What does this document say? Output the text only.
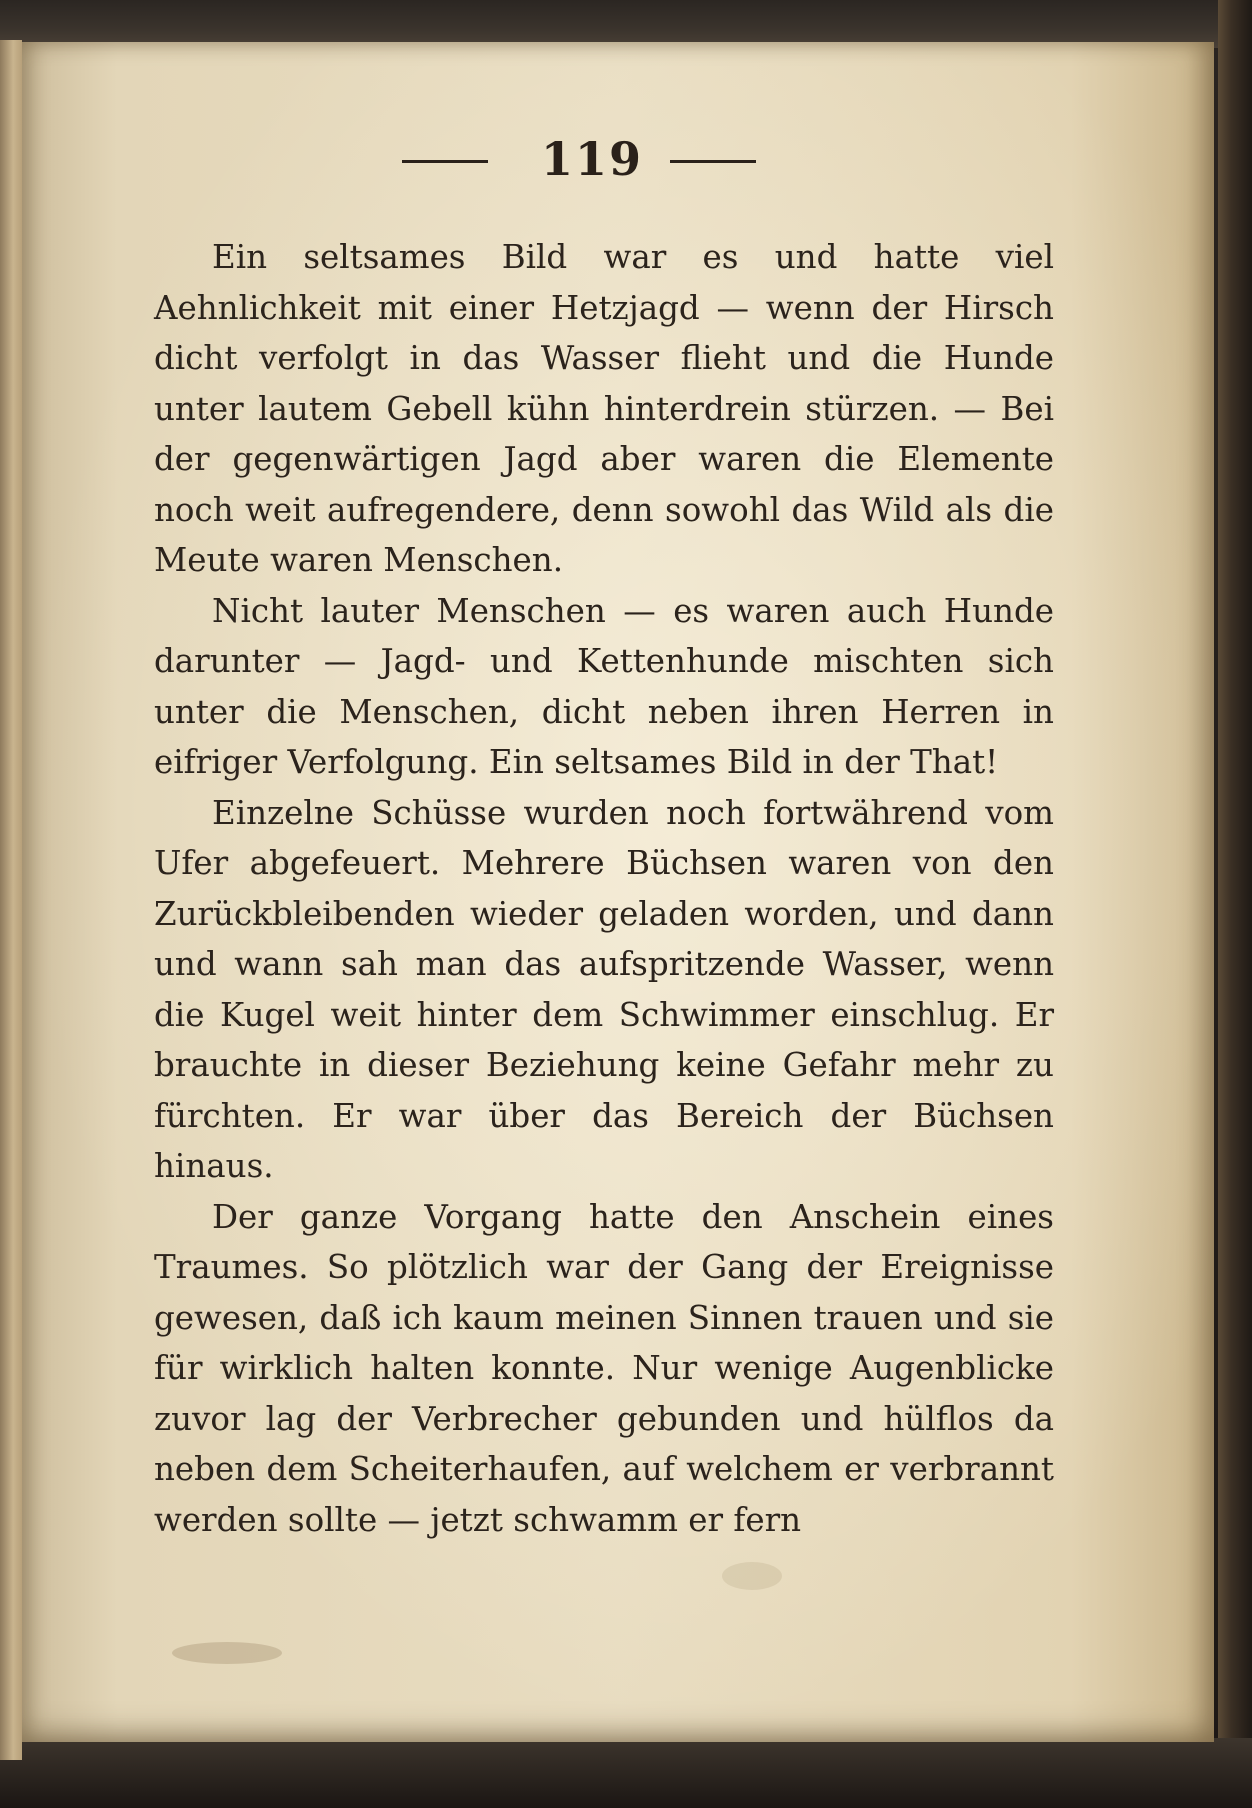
119

Ein seltsames Bild war es und hatte viel Aehnlichkeit mit einer Hetzjagd — wenn der Hirsch dicht verfolgt in das Wasser flieht und die Hunde unter lautem Gebell kühn hinterdrein stürzen. — Bei der gegenwärtigen Jagd aber waren die Elemente noch weit aufregendere, denn sowohl das Wild als die Meute waren Menschen.

Nicht lauter Menschen — es waren auch Hunde darunter — Jagd- und Kettenhunde mischten sich unter die Menschen, dicht neben ihren Herren in eifriger Verfolgung. Ein seltsames Bild in der That!

Einzelne Schüsse wurden noch fortwährend vom Ufer abgefeuert. Mehrere Büchsen waren von den Zurückbleibenden wieder geladen worden, und dann und wann sah man das aufspritzende Wasser, wenn die Kugel weit hinter dem Schwimmer einschlug. Er brauchte in dieser Beziehung keine Gefahr mehr zu fürchten. Er war über das Bereich der Büchsen hinaus.

Der ganze Vorgang hatte den Anschein eines Traumes. So plötzlich war der Gang der Ereignisse gewesen, daß ich kaum meinen Sinnen trauen und sie für wirklich halten konnte. Nur wenige Augenblicke zuvor lag der Verbrecher gebunden und hülflos da neben dem Scheiterhaufen, auf welchem er verbrannt werden sollte — jetzt schwamm er fern
